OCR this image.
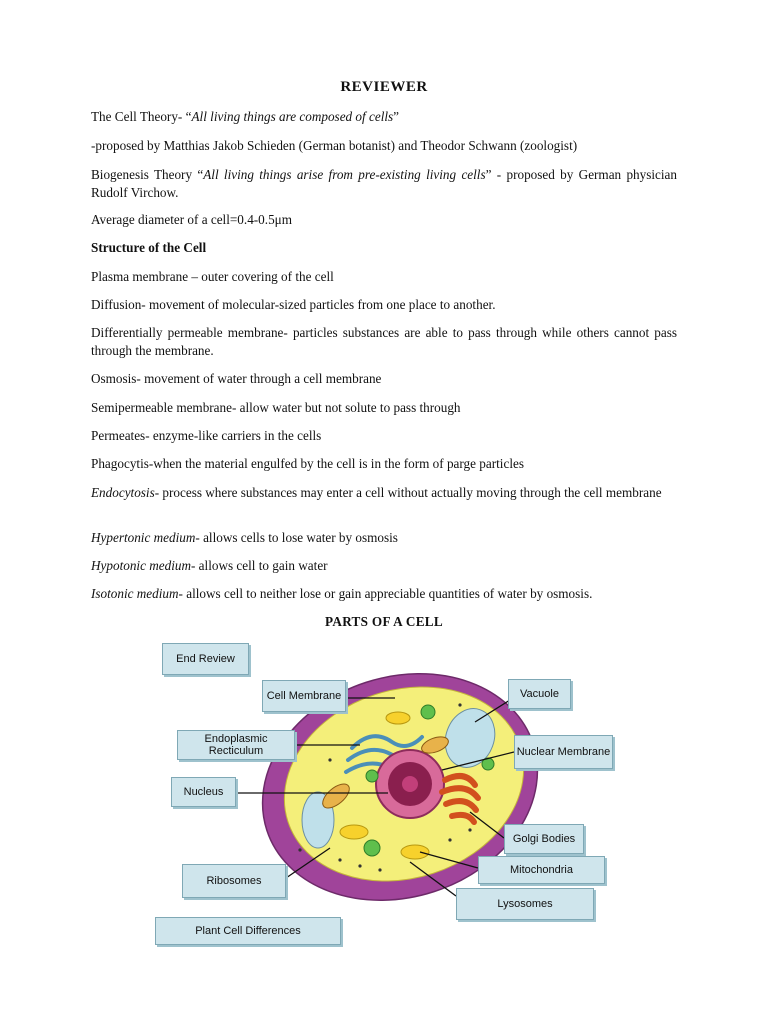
REVIEWER
The Cell Theory- “All living things are composed of cells”
-proposed by Matthias Jakob Schieden (German botanist) and Theodor Schwann (zoologist)
Biogenesis Theory “All living things arise from pre-existing living cells” - proposed by German physician Rudolf Virchow.
Average diameter of a cell=0.4-0.5μm
Structure of the Cell
Plasma membrane – outer covering of the cell
Diffusion- movement of molecular-sized particles from one place to another.
Differentially permeable membrane- particles substances are able to pass through while others cannot pass through the membrane.
Osmosis- movement of water through a cell membrane
Semipermeable membrane- allow water but not solute to pass through
Permeates- enzyme-like carriers in the cells
Phagocytis-when the material engulfed by the cell is in the form of parge particles
Endocytosis- process where substances may enter a cell without actually moving through the cell membrane
Hypertonic medium- allows cells to lose water by osmosis
Hypotonic medium- allows cell to gain water
Isotonic medium- allows cell to neither lose or gain appreciable quantities of water by osmosis.
PARTS OF A CELL
End Review
Cell Membrane	Vacuole
Endoplasmic Recticulum	Nuclear Membrane
Nucleus
Golgi Bodies
Mitochondria
Ribosomes
Lysosomes
Plant Cell Differences
